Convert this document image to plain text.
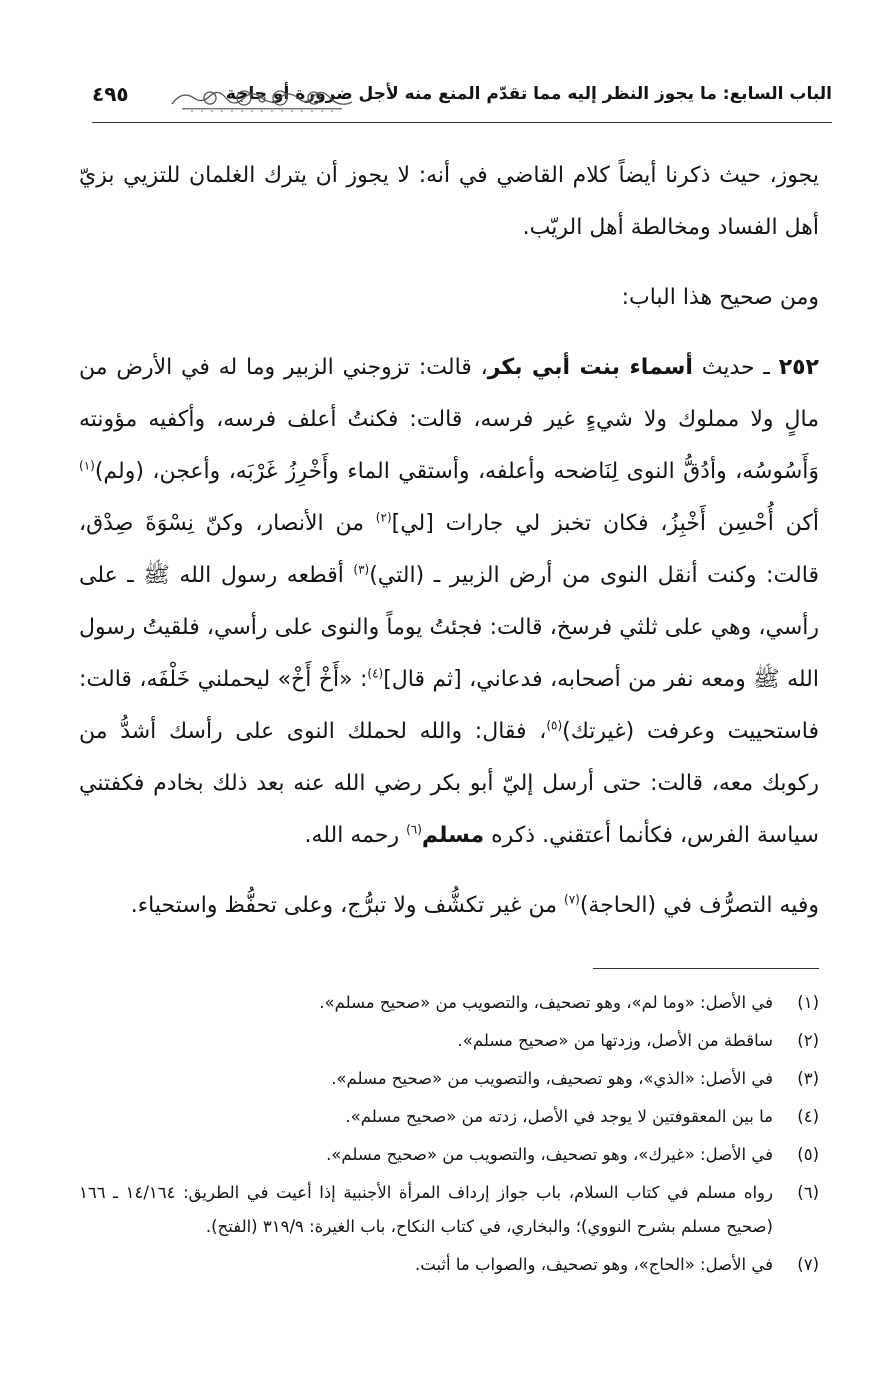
الباب السابع: ما يجوز النظر إليه مما تقدّم المنع منه لأجل ضرورة أو حاجة
٤٩٥

يجوز، حيث ذكرنا أيضاً كلام القاضي في أنه: لا يجوز أن يترك الغلمان للتزيي بزيّ أهل الفساد ومخالطة أهل الريّب.

ومن صحيح هذا الباب:

٢٥٢ ـ حديث أسماء بنت أبي بكر، قالت: تزوجني الزبير وما له في الأرض من مالٍ ولا مملوك ولا شيءٍ غير فرسه، قالت: فكنتُ أعلف فرسه، وأكفيه مؤونته وَأَسُوسُه، وأدُقُّ النوى لِنَاضحه وأعلفه، وأستقي الماء وأَخْرِزُ غَرْبَه، وأعجن، (ولم)$^{(١)}$ أكن أُحْسِن أَخْبِزُ، فكان تخبز لي جارات [لي]$^{(٢)}$ من الأنصار، وكنّ نِسْوَةَ صِدْق، قالت: وكنت أنقل النوى من أرض الزبير ـ (التي)$^{(٣)}$ أقطعه رسول الله ﷺ ـ على رأسي، وهي على ثلثي فرسخ، قالت: فجئتُ يوماً والنوى على رأسي، فلقيتُ رسول الله ﷺ ومعه نفر من أصحابه، فدعاني، [ثم قال]$^{(٤)}$: «أَخْ أَخْ» ليحملني خَلْفَه، قالت: فاستحييت وعرفت (غيرتك)$^{(٥)}$، فقال: والله لحملك النوى على رأسك أشدُّ من ركوبك معه، قالت: حتى أرسل إليّ أبو بكر رضي الله عنه بعد ذلك بخادم فكفتني سياسة الفرس، فكأنما أعتقني. ذكره مسلم$^{(٦)}$ رحمه الله.

وفيه التصرُّف في (الحاجة)$^{(٧)}$ من غير تكشُّف ولا تبرُّج، وعلى تحفُّظ واستحياء.

(١)
في الأصل: «وما لم»، وهو تصحيف، والتصويب من «صحيح مسلم».
(٢)
ساقطة من الأصل، وزدتها من «صحيح مسلم».
(٣)
في الأصل: «الذي»، وهو تصحيف، والتصويب من «صحيح مسلم».
(٤)
ما بين المعقوفتين لا يوجد في الأصل، زدته من «صحيح مسلم».
(٥)
في الأصل: «غيرك»، وهو تصحيف، والتصويب من «صحيح مسلم».
(٦)
رواه مسلم في كتاب السلام، باب جواز إرداف المرأة الأجنبية إذا أعيت في الطريق: ١٤/١٦٤ ـ ١٦٦ (صحيح مسلم بشرح النووي)؛ والبخاري، في كتاب النكاح، باب الغيرة: ٣١٩/٩ (الفتح).
(٧)
في الأصل: «الحاج»، وهو تصحيف، والصواب ما أثبت.
